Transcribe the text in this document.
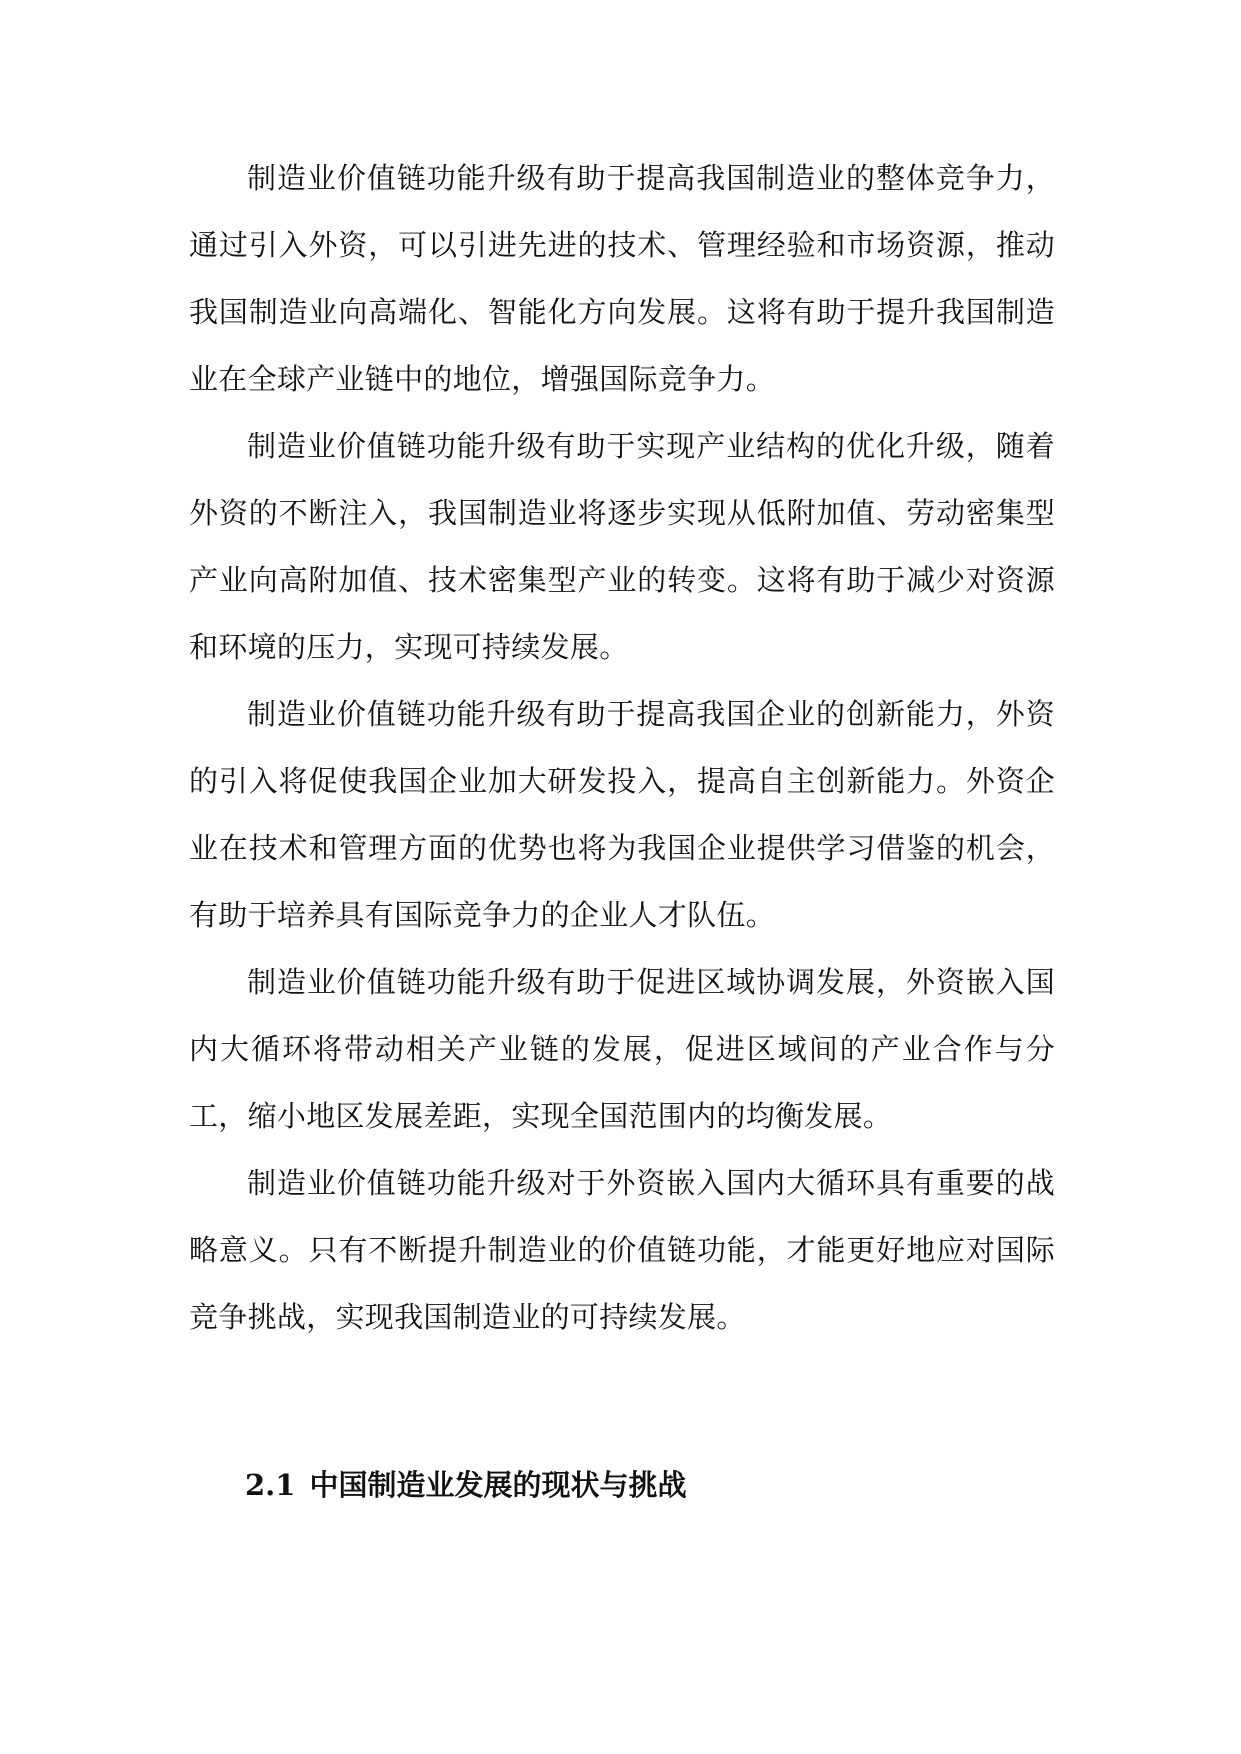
制造业价值链功能升级有助于提高我国制造业的整体竞争力，通过引入外资，可以引进先进的技术、管理经验和市场资源，推动我国制造业向高端化、智能化方向发展。这将有助于提升我国制造业在全球产业链中的地位，增强国际竞争力。

制造业价值链功能升级有助于实现产业结构的优化升级，随着外资的不断注入，我国制造业将逐步实现从低附加值、劳动密集型产业向高附加值、技术密集型产业的转变。这将有助于减少对资源和环境的压力，实现可持续发展。

制造业价值链功能升级有助于提高我国企业的创新能力，外资的引入将促使我国企业加大研发投入，提高自主创新能力。外资企业在技术和管理方面的优势也将为我国企业提供学习借鉴的机会，有助于培养具有国际竞争力的企业人才队伍。

制造业价值链功能升级有助于促进区域协调发展，外资嵌入国内大循环将带动相关产业链的发展，促进区域间的产业合作与分工，缩小地区发展差距，实现全国范围内的均衡发展。

制造业价值链功能升级对于外资嵌入国内大循环具有重要的战略意义。只有不断提升制造业的价值链功能，才能更好地应对国际竞争挑战，实现我国制造业的可持续发展。

2.1 中国制造业发展的现状与挑战
